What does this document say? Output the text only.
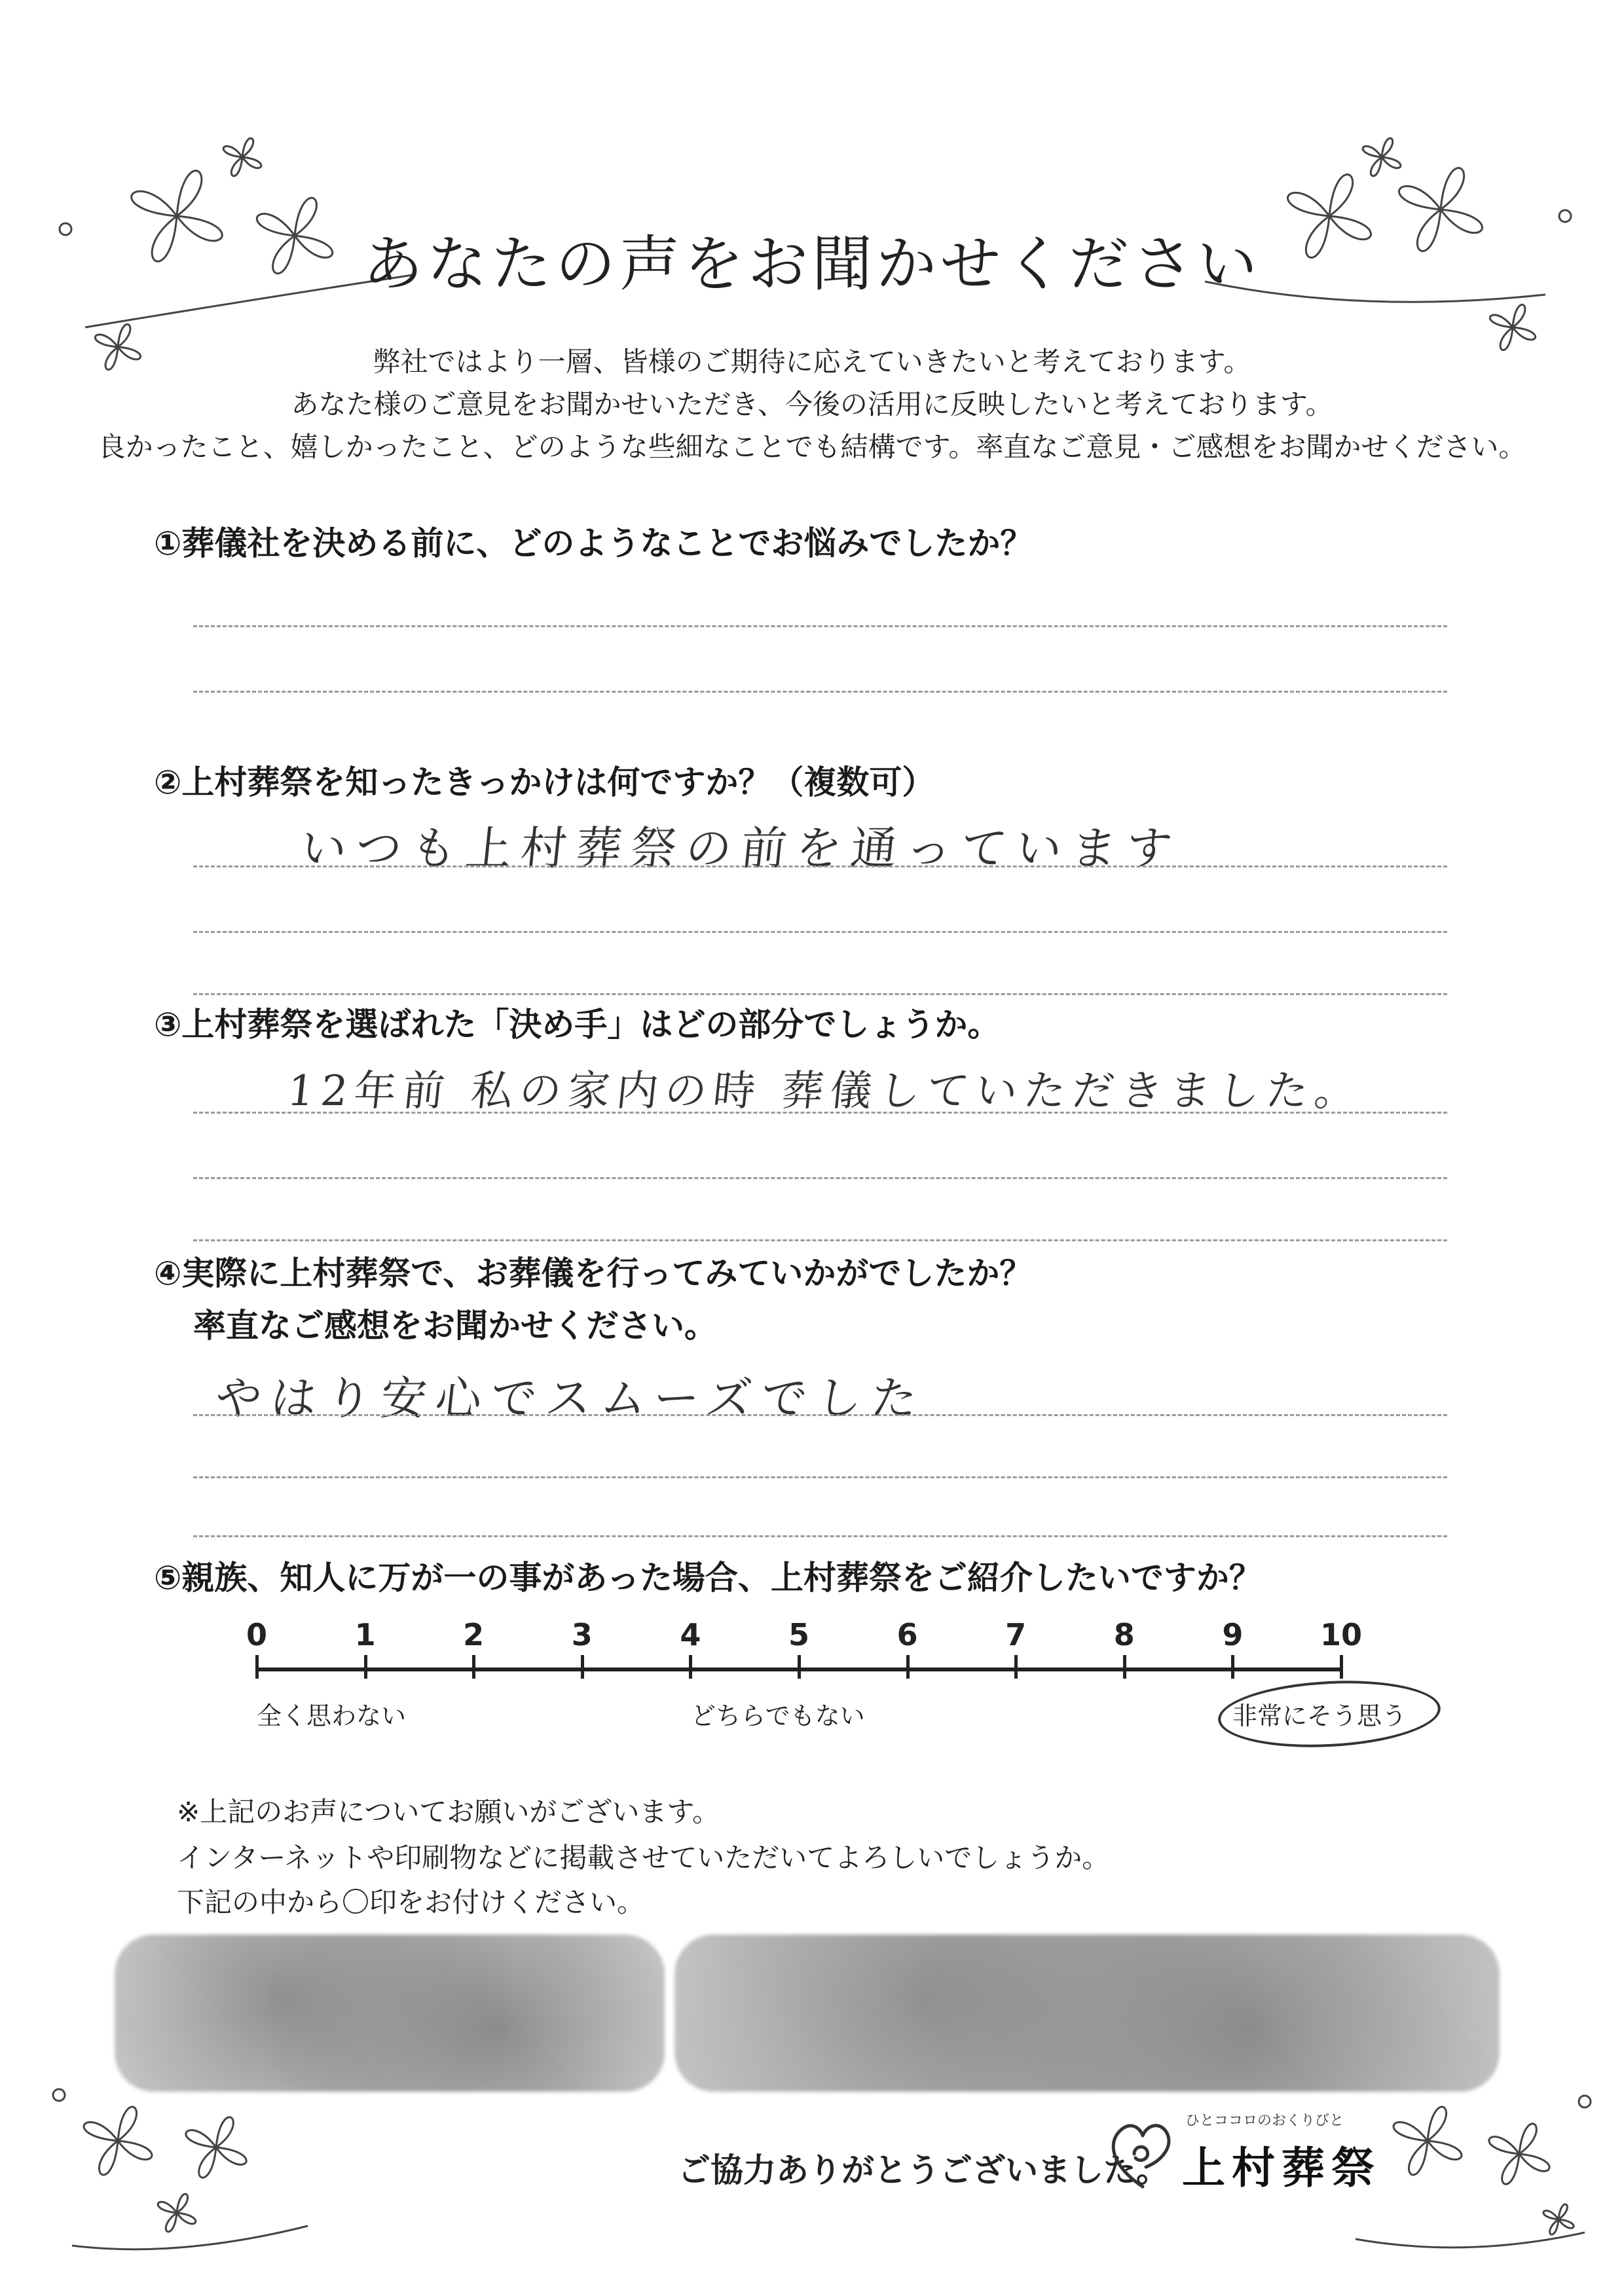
あなたの声をお聞かせください
弊社ではより一層、皆様のご期待に応えていきたいと考えております。
あなた様のご意見をお聞かせいただき、今後の活用に反映したいと考えております。
良かったこと、嬉しかったこと、どのような些細なことでも結構です。率直なご意見・ご感想をお聞かせください。
①葬儀社を決める前に、どのようなことでお悩みでしたか？
②上村葬祭を知ったきっかけは何ですか？（複数可）
いつも上村葬祭の前を通っています
③上村葬祭を選ばれた「決め手」はどの部分でしょうか。
12年前 私の家内の時 葬儀していただきました。
④実際に上村葬祭で、お葬儀を行ってみていかがでしたか？
率直なご感想をお聞かせください。
やはり安心でスムーズでした
⑤親族、知人に万が一の事があった場合、上村葬祭をご紹介したいですか？
0	1	2	3	4	5	6	7	8	9	10
全く思わない	どちらでもない	非常にそう思う
※上記のお声についてお願いがございます。
インターネットや印刷物などに掲載させていただいてよろしいでしょうか。
下記の中から〇印をお付けください。
ご協力ありがとうございました。
ひとココロのおくりびと
上村葬祭
